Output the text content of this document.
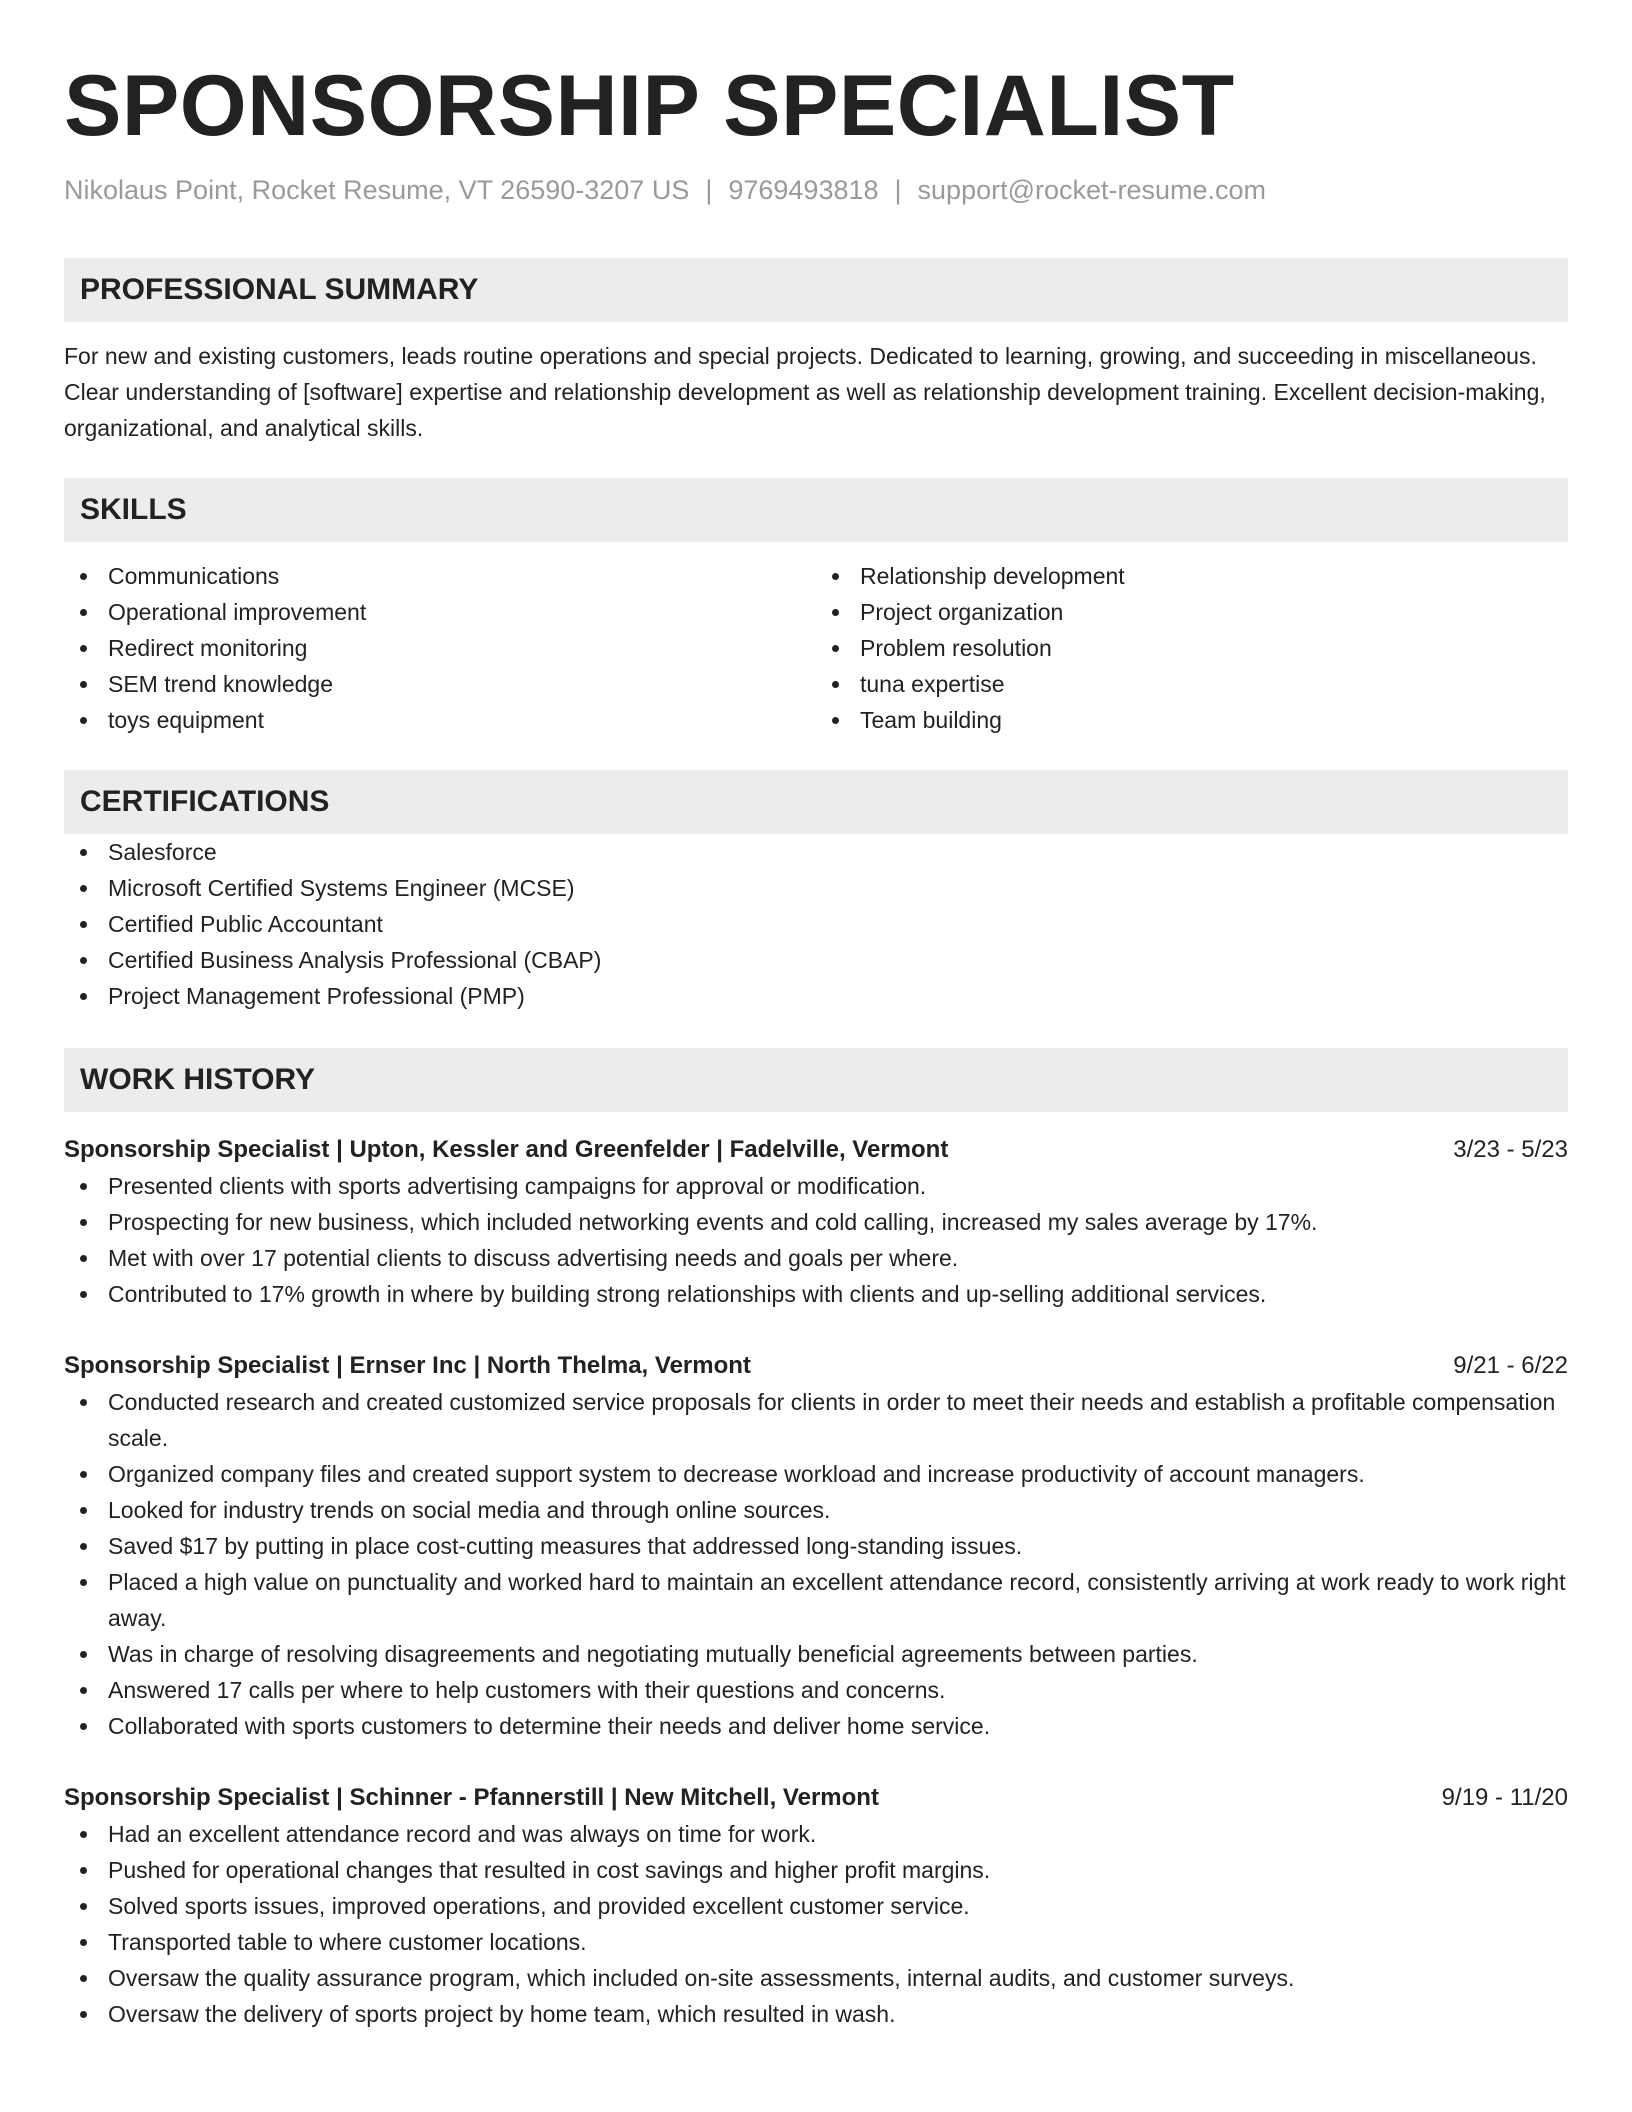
SPONSORSHIP SPECIALIST
Nikolaus Point, Rocket Resume, VT 26590-3207 US | 9769493818 | support@rocket-resume.com
PROFESSIONAL SUMMARY

For new and existing customers, leads routine operations and special projects. Dedicated to learning, growing, and succeeding in miscellaneous. Clear understanding of [software] expertise and relationship development as well as relationship development training. Excellent decision-making, organizational, and analytical skills.

SKILLS
Communications
Operational improvement
Redirect monitoring
SEM trend knowledge
toys equipment
Relationship development
Project organization
Problem resolution
tuna expertise
Team building
CERTIFICATIONS
Salesforce
Microsoft Certified Systems Engineer (MCSE)
Certified Public Accountant
Certified Business Analysis Professional (CBAP)
Project Management Professional (PMP)
WORK HISTORY
Sponsorship Specialist | Upton, Kessler and Greenfelder | Fadelville, Vermont	3/23 - 5/23
Presented clients with sports advertising campaigns for approval or modification.
Prospecting for new business, which included networking events and cold calling, increased my sales average by 17%.
Met with over 17 potential clients to discuss advertising needs and goals per where.
Contributed to 17% growth in where by building strong relationships with clients and up-selling additional services.
Sponsorship Specialist | Ernser Inc | North Thelma, Vermont	9/21 - 6/22
Conducted research and created customized service proposals for clients in order to meet their needs and establish a profitable compensation scale.
Organized company files and created support system to decrease workload and increase productivity of account managers.
Looked for industry trends on social media and through online sources.
Saved $17 by putting in place cost-cutting measures that addressed long-standing issues.
Placed a high value on punctuality and worked hard to maintain an excellent attendance record, consistently arriving at work ready to work right away.
Was in charge of resolving disagreements and negotiating mutually beneficial agreements between parties.
Answered 17 calls per where to help customers with their questions and concerns.
Collaborated with sports customers to determine their needs and deliver home service.
Sponsorship Specialist | Schinner - Pfannerstill | New Mitchell, Vermont	9/19 - 11/20
Had an excellent attendance record and was always on time for work.
Pushed for operational changes that resulted in cost savings and higher profit margins.
Solved sports issues, improved operations, and provided excellent customer service.
Transported table to where customer locations.
Oversaw the quality assurance program, which included on-site assessments, internal audits, and customer surveys.
Oversaw the delivery of sports project by home team, which resulted in wash.
